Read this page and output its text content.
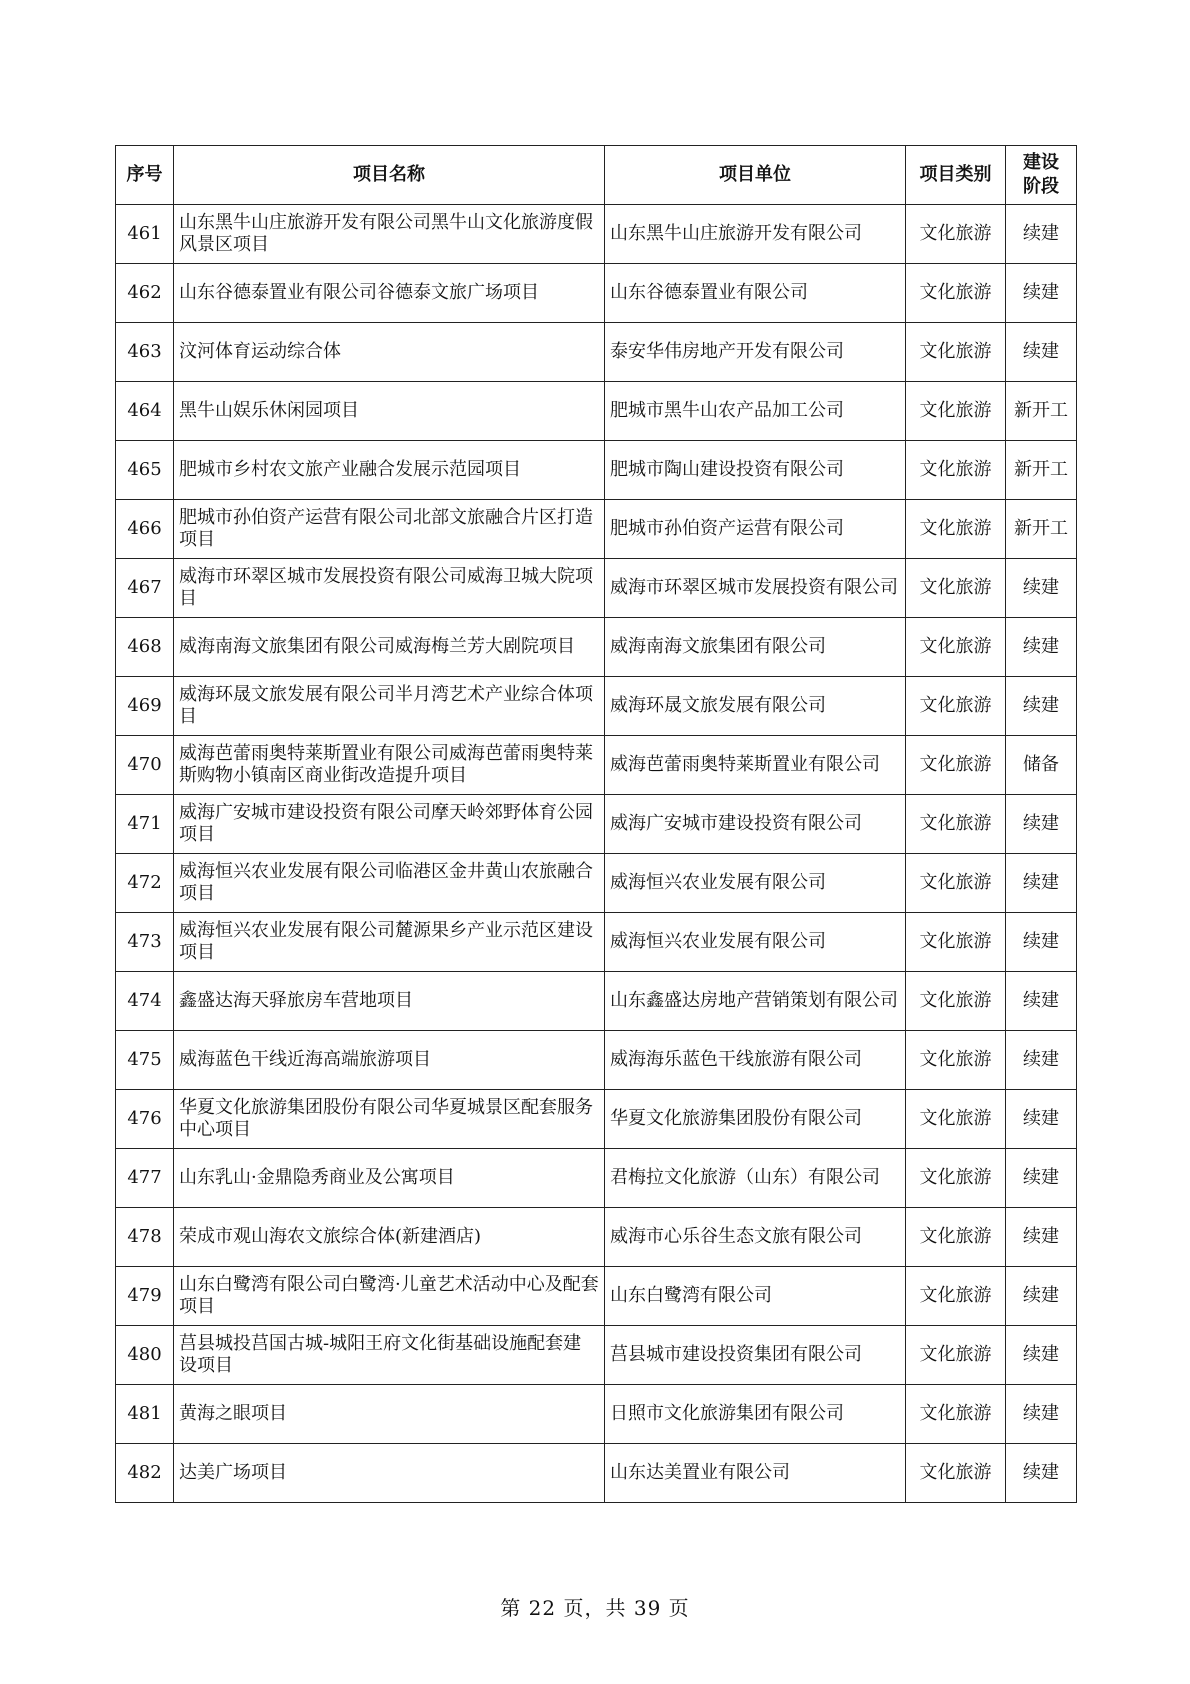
序号	项目名称	项目单位	项目类别	建设
阶段

461	山东黑牛山庄旅游开发有限公司黑牛山文化旅游度假风景区项目	山东黑牛山庄旅游开发有限公司	文化旅游	续建
462	山东谷德泰置业有限公司谷德泰文旅广场项目	山东谷德泰置业有限公司	文化旅游	续建
463	汶河体育运动综合体	泰安华伟房地产开发有限公司	文化旅游	续建
464	黑牛山娱乐休闲园项目	肥城市黑牛山农产品加工公司	文化旅游	新开工
465	肥城市乡村农文旅产业融合发展示范园项目	肥城市陶山建设投资有限公司	文化旅游	新开工
466	肥城市孙伯资产运营有限公司北部文旅融合片区打造项目	肥城市孙伯资产运营有限公司	文化旅游	新开工
467	威海市环翠区城市发展投资有限公司威海卫城大院项目	威海市环翠区城市发展投资有限公司	文化旅游	续建
468	威海南海文旅集团有限公司威海梅兰芳大剧院项目	威海南海文旅集团有限公司	文化旅游	续建
469	威海环晟文旅发展有限公司半月湾艺术产业综合体项目	威海环晟文旅发展有限公司	文化旅游	续建
470	威海芭蕾雨奥特莱斯置业有限公司威海芭蕾雨奥特莱斯购物小镇南区商业街改造提升项目	威海芭蕾雨奥特莱斯置业有限公司	文化旅游	储备
471	威海广安城市建设投资有限公司摩天岭郊野体育公园项目	威海广安城市建设投资有限公司	文化旅游	续建
472	威海恒兴农业发展有限公司临港区金井黄山农旅融合项目	威海恒兴农业发展有限公司	文化旅游	续建
473	威海恒兴农业发展有限公司麓源果乡产业示范区建设项目	威海恒兴农业发展有限公司	文化旅游	续建
474	鑫盛达海天驿旅房车营地项目	山东鑫盛达房地产营销策划有限公司	文化旅游	续建
475	威海蓝色干线近海高端旅游项目	威海海乐蓝色干线旅游有限公司	文化旅游	续建
476	华夏文化旅游集团股份有限公司华夏城景区配套服务中心项目	华夏文化旅游集团股份有限公司	文化旅游	续建
477	山东乳山·金鼎隐秀商业及公寓项目	君梅拉文化旅游（山东）有限公司	文化旅游	续建
478	荣成市观山海农文旅综合体(新建酒店)	威海市心乐谷生态文旅有限公司	文化旅游	续建
479	山东白鹭湾有限公司白鹭湾·儿童艺术活动中心及配套项目	山东白鹭湾有限公司	文化旅游	续建
480	莒县城投莒国古城-城阳王府文化街基础设施配套建设项目	莒县城市建设投资集团有限公司	文化旅游	续建
481	黄海之眼项目	日照市文化旅游集团有限公司	文化旅游	续建
482	达美广场项目	山东达美置业有限公司	文化旅游	续建
第 22 页，共 39 页
